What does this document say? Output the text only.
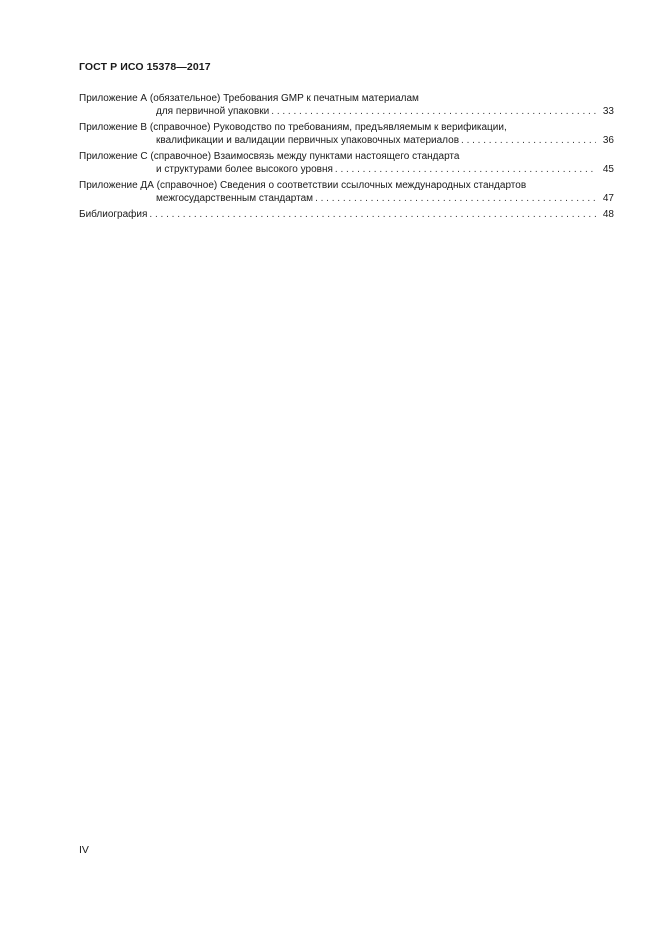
ГОСТ Р ИСО 15378—2017
Приложение А (обязательное) Требования GMP к печатным материалам
для первичной упаковки . . .	33
Приложение В (справочное) Руководство по требованиям, предъявляемым к верификации,
квалификации и валидации первичных упаковочных материалов . . .	36
Приложение С (справочное) Взаимосвязь между пунктами настоящего стандарта
и структурами более высокого уровня . . .	45
Приложение ДА (справочное) Сведения о соответствии ссылочных международных стандартов
межгосударственным стандартам . . .	47
Библиография . . .	48
IV
